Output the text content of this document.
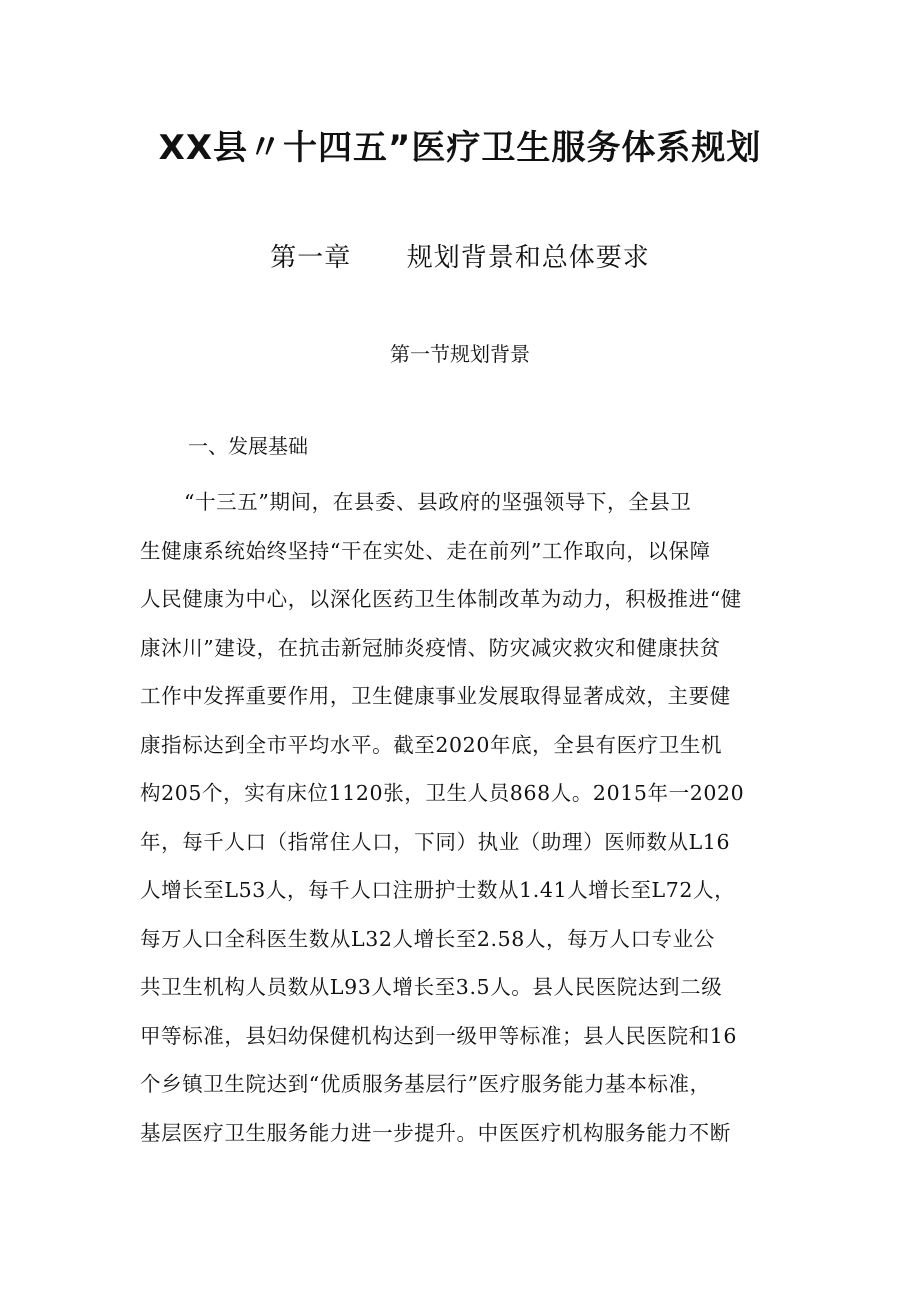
XX县〃十四五”医疗卫生服务体系规划
第一章      规划背景和总体要求
第一节规划背景
一、发展基础
“十三五”期间，在县委、县政府的坚强领导下，全县卫
生健康系统始终坚持“干在实处、走在前列”工作取向，以保障
人民健康为中心，以深化医药卫生体制改革为动力，积极推进“健
康沐川”建设，在抗击新冠肺炎疫情、防灾减灾救灾和健康扶贫
工作中发挥重要作用，卫生健康事业发展取得显著成效，主要健
康指标达到全市平均水平。截至2020年底，全县有医疗卫生机
构205个，实有床位1120张，卫生人员868人。2015年一2020
年，每千人口（指常住人口，下同）执业（助理）医师数从L16
人增长至L53人，每千人口注册护士数从1.41人增长至L72人，
每万人口全科医生数从L32人增长至2.58人，每万人口专业公
共卫生机构人员数从L93人增长至3.5人。县人民医院达到二级
甲等标准，县妇幼保健机构达到一级甲等标准；县人民医院和16
个乡镇卫生院达到“优质服务基层行”医疗服务能力基本标准，
基层医疗卫生服务能力进一步提升。中医医疗机构服务能力不断
